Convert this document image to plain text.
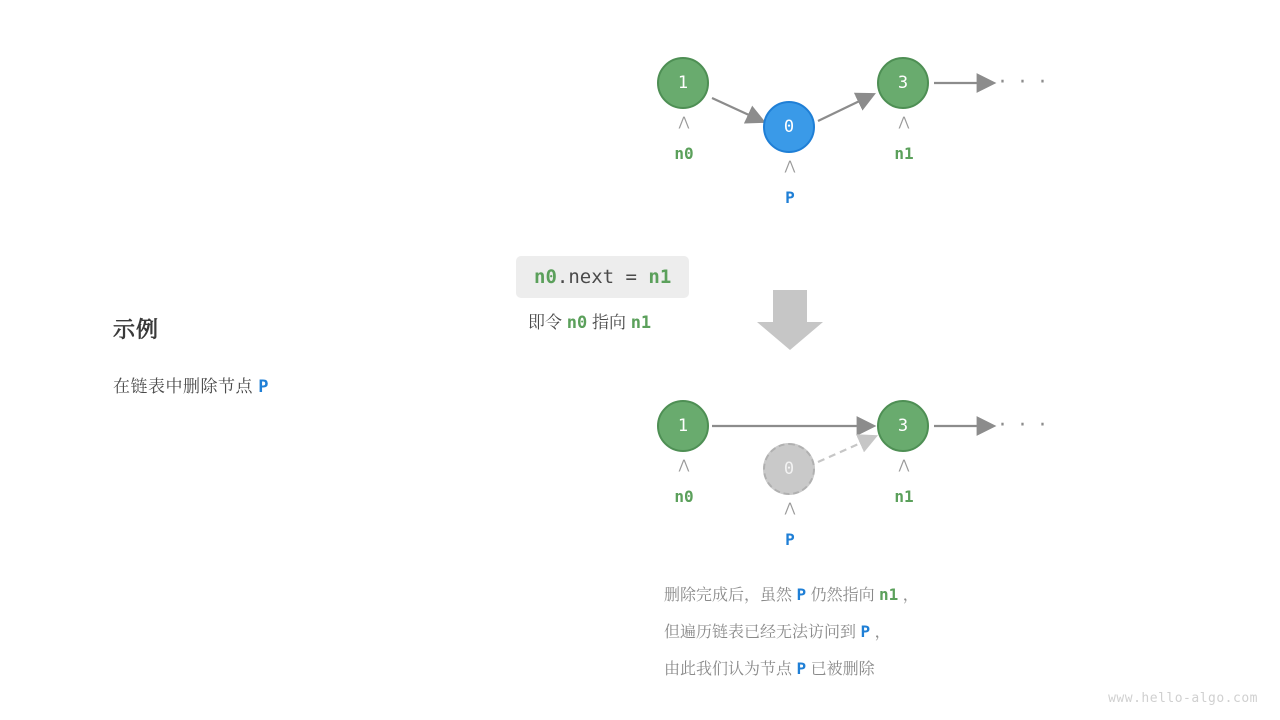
示例
在链表中删除节点 P
1
⋀
n0
0
⋀
P
3
⋀
n1
· · ·
n0.next = n1
即令 n0 指向 n1
1
⋀
n0
0
⋀
P
3
⋀
n1
· · ·
删除完成后，虽然 P 仍然指向 n1 ，
但遍历链表已经无法访问到 P ，
由此我们认为节点 P 已被删除
www.hello-algo.com
